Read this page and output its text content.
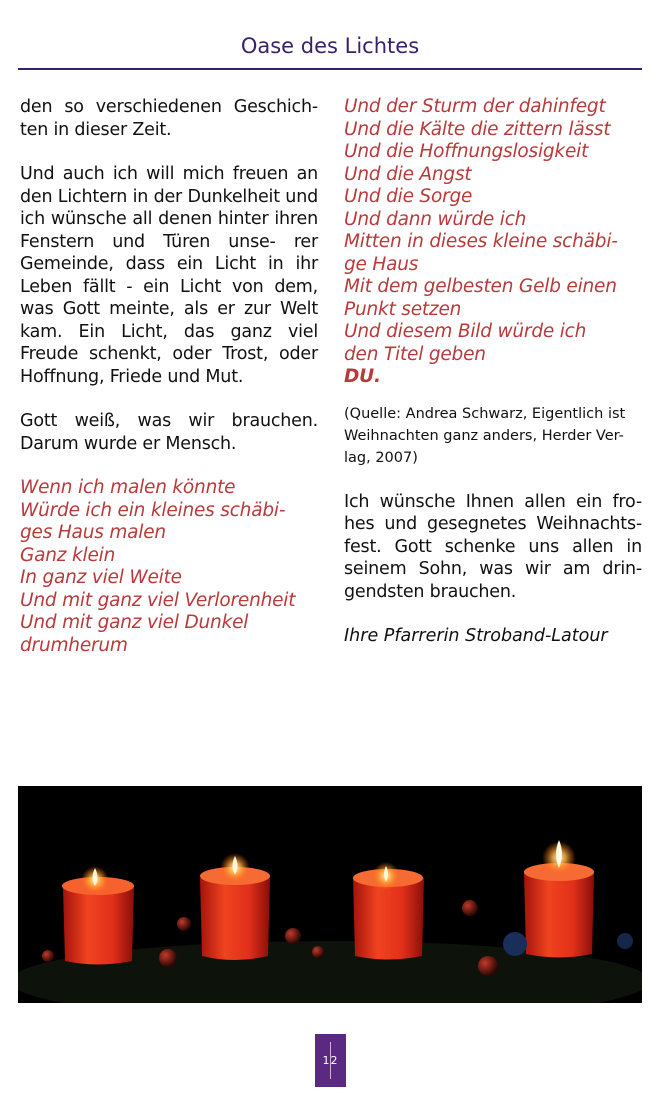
Oase des Lichtes

den so verschiedenen Geschich- ten in dieser Zeit.

Und auch ich will mich freuen an den Lichtern in der Dunkelheit und ich wünsche all denen hinter ihren Fenstern und Türen unse- rer Gemeinde, dass ein Licht in ihr Leben fällt - ein Licht von dem, was Gott meinte, als er zur Welt kam. Ein Licht, das ganz viel Freude schenkt, oder Trost, oder Hoffnung, Friede und Mut.

Gott weiß, was wir brauchen. Darum wurde er Mensch.

Wenn ich malen könnte
Würde ich ein kleines schäbi-
ges Haus malen
Ganz klein
In ganz viel Weite
Und mit ganz viel Verlorenheit
Und mit ganz viel Dunkel
drumherum
Und der Sturm der dahinfegt
Und die Kälte die zittern lässt
Und die Hoffnungslosigkeit
Und die Angst
Und die Sorge
Und dann würde ich
Mitten in dieses kleine schäbi-
ge Haus
Mit dem gelbesten Gelb einen
Punkt setzen
Und diesem Bild würde ich
den Titel geben
DU.

(Quelle: Andrea Schwarz, Eigentlich ist Weihnachten ganz anders, Herder Ver- lag, 2007)

Ich wünsche Ihnen allen ein fro- hes und gesegnetes Weihnachts- fest. Gott schenke uns allen in seinem Sohn, was wir am drin- gendsten brauchen.

Ihre Pfarrerin Stroband-Latour
1 2
